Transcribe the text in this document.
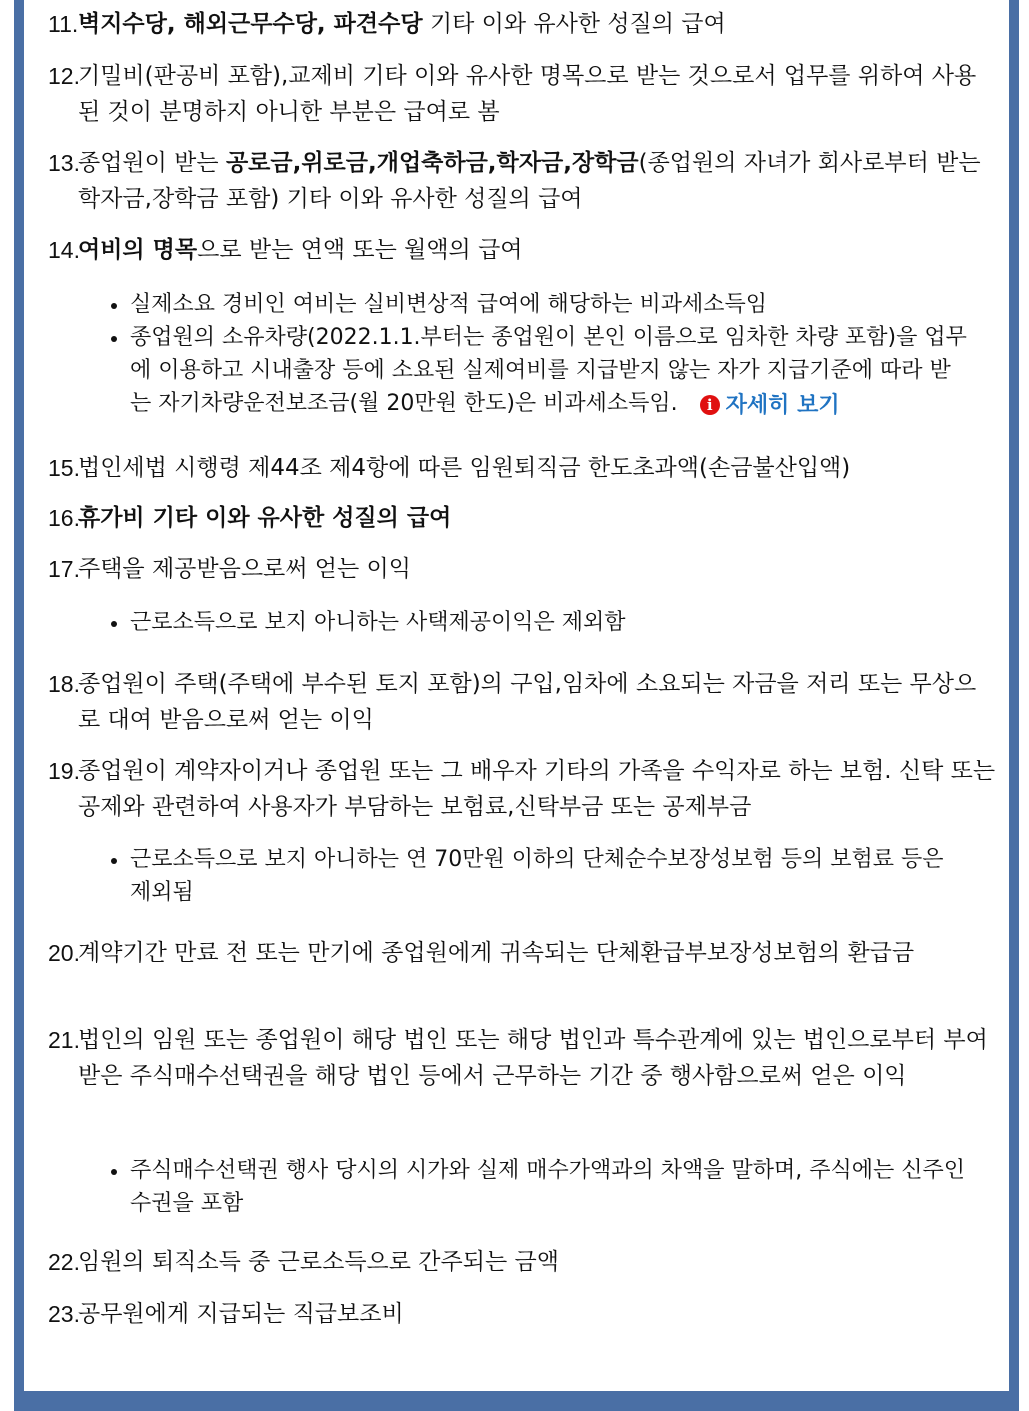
11. 벽지수당, 해외근무수당, 파견수당 기타 이와 유사한 성질의 급여
12.
기밀비(판공비 포함),교제비 기타 이와 유사한 명목으로 받는 것으로서 업무를 위하여 사용된 것이 분명하지 아니한 부분은 급여로 봄
13.
종업원이 받는 공로금,위로금,개업축하금,학자금,장학금(종업원의 자녀가 회사로부터 받는 학자금,장학금 포함) 기타 이와 유사한 성질의 급여
14.
여비의 명목으로 받는 연액 또는 월액의 급여
실제소요 경비인 여비는 실비변상적 급여에 해당하는 비과세소득임
종업원의 소유차량(2022.1.1.부터는 종업원이 본인 이름으로 임차한 차량 포함)을 업무에 이용하고 시내출장 등에 소요된 실제여비를 지급받지 않는 자가 지급기준에 따라 받는 자기차량운전보조금(월 20만원 한도)은 비과세소득임.	i 자세히 보기
15.
법인세법 시행령 제44조 제4항에 따른 임원퇴직금 한도초과액(손금불산입액)
16.
휴가비 기타 이와 유사한 성질의 급여
17.
주택을 제공받음으로써 얻는 이익
근로소득으로 보지 아니하는 사택제공이익은 제외함
18.
종업원이 주택(주택에 부수된 토지 포함)의 구입,임차에 소요되는 자금을 저리 또는 무상으로 대여 받음으로써 얻는 이익
19.
종업원이 계약자이거나 종업원 또는 그 배우자 기타의 가족을 수익자로 하는 보험. 신탁 또는 공제와 관련하여 사용자가 부담하는 보험료,신탁부금 또는 공제부금
근로소득으로 보지 아니하는 연 70만원 이하의 단체순수보장성보험 등의 보험료 등은 제외됨
20.
계약기간 만료 전 또는 만기에 종업원에게 귀속되는 단체환급부보장성보험의 환급금
21.
법인의 임원 또는 종업원이 해당 법인 또는 해당 법인과 특수관계에 있는 법인으로부터 부여받은 주식매수선택권을 해당 법인 등에서 근무하는 기간 중 행사함으로써 얻은 이익
주식매수선택권 행사 당시의 시가와 실제 매수가액과의 차액을 말하며, 주식에는 신주인수권을 포함
22.
임원의 퇴직소득 중 근로소득으로 간주되는 금액
23.
공무원에게 지급되는 직급보조비
